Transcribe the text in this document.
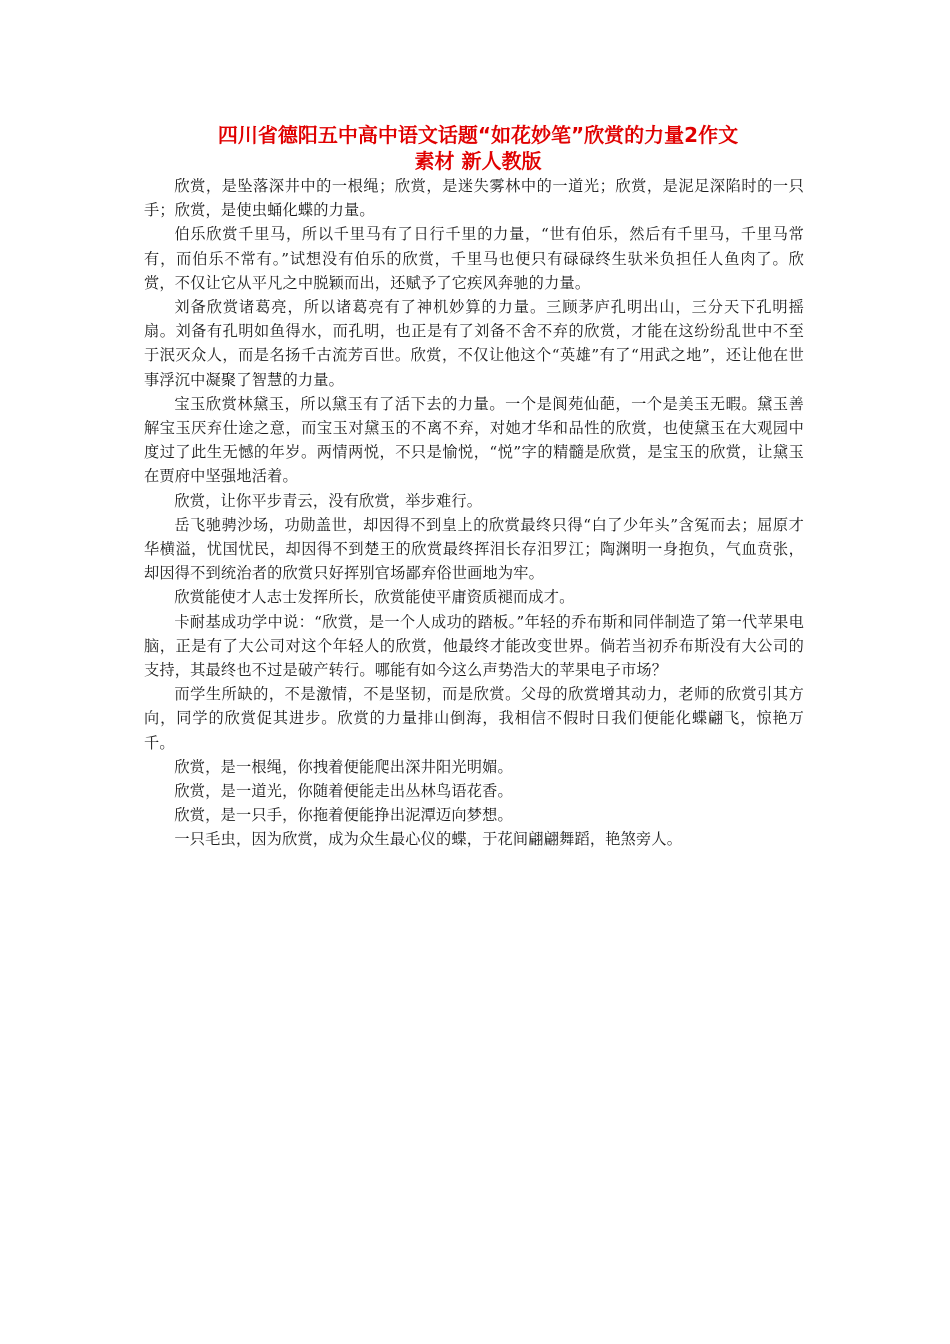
四川省德阳五中高中语文话题“如花妙笔”欣赏的力量2作文
素材 新人教版

欣赏，是坠落深井中的一根绳；欣赏，是迷失雾林中的一道光；欣赏，是泥足深陷时的一只手；欣赏，是使虫蛹化蝶的力量。

伯乐欣赏千里马，所以千里马有了日行千里的力量，“世有伯乐，然后有千里马，千里马常有，而伯乐不常有。”试想没有伯乐的欣赏，千里马也便只有碌碌终生驮米负担任人鱼肉了。欣赏，不仅让它从平凡之中脱颖而出，还赋予了它疾风奔驰的力量。

刘备欣赏诸葛亮，所以诸葛亮有了神机妙算的力量。三顾茅庐孔明出山，三分天下孔明摇扇。刘备有孔明如鱼得水，而孔明，也正是有了刘备不舍不弃的欣赏，才能在这纷纷乱世中不至于泯灭众人，而是名扬千古流芳百世。欣赏，不仅让他这个“英雄”有了“用武之地”，还让他在世事浮沉中凝聚了智慧的力量。

宝玉欣赏林黛玉，所以黛玉有了活下去的力量。一个是阆苑仙葩，一个是美玉无暇。黛玉善解宝玉厌弃仕途之意，而宝玉对黛玉的不离不弃，对她才华和品性的欣赏，也使黛玉在大观园中度过了此生无憾的年岁。两情两悦，不只是愉悦，“悦”字的精髓是欣赏，是宝玉的欣赏，让黛玉在贾府中坚强地活着。

欣赏，让你平步青云，没有欣赏，举步难行。

岳飞驰骋沙场，功勋盖世，却因得不到皇上的欣赏最终只得“白了少年头”含冤而去；屈原才华横溢，忧国忧民，却因得不到楚王的欣赏最终挥泪长存汨罗江；陶渊明一身抱负，气血贲张，却因得不到统治者的欣赏只好挥别官场鄙弃俗世画地为牢。

欣赏能使才人志士发挥所长，欣赏能使平庸资质褪而成才。

卡耐基成功学中说：“欣赏，是一个人成功的踏板。”年轻的乔布斯和同伴制造了第一代苹果电脑，正是有了大公司对这个年轻人的欣赏，他最终才能改变世界。倘若当初乔布斯没有大公司的支持，其最终也不过是破产转行。哪能有如今这么声势浩大的苹果电子市场？

而学生所缺的，不是激情，不是坚韧，而是欣赏。父母的欣赏增其动力，老师的欣赏引其方向，同学的欣赏促其进步。欣赏的力量排山倒海，我相信不假时日我们便能化蝶翩飞，惊艳万千。

欣赏，是一根绳，你拽着便能爬出深井阳光明媚。

欣赏，是一道光，你随着便能走出丛林鸟语花香。

欣赏，是一只手，你拖着便能挣出泥潭迈向梦想。

一只毛虫，因为欣赏，成为众生最心仪的蝶，于花间翩翩舞蹈，艳煞旁人。
